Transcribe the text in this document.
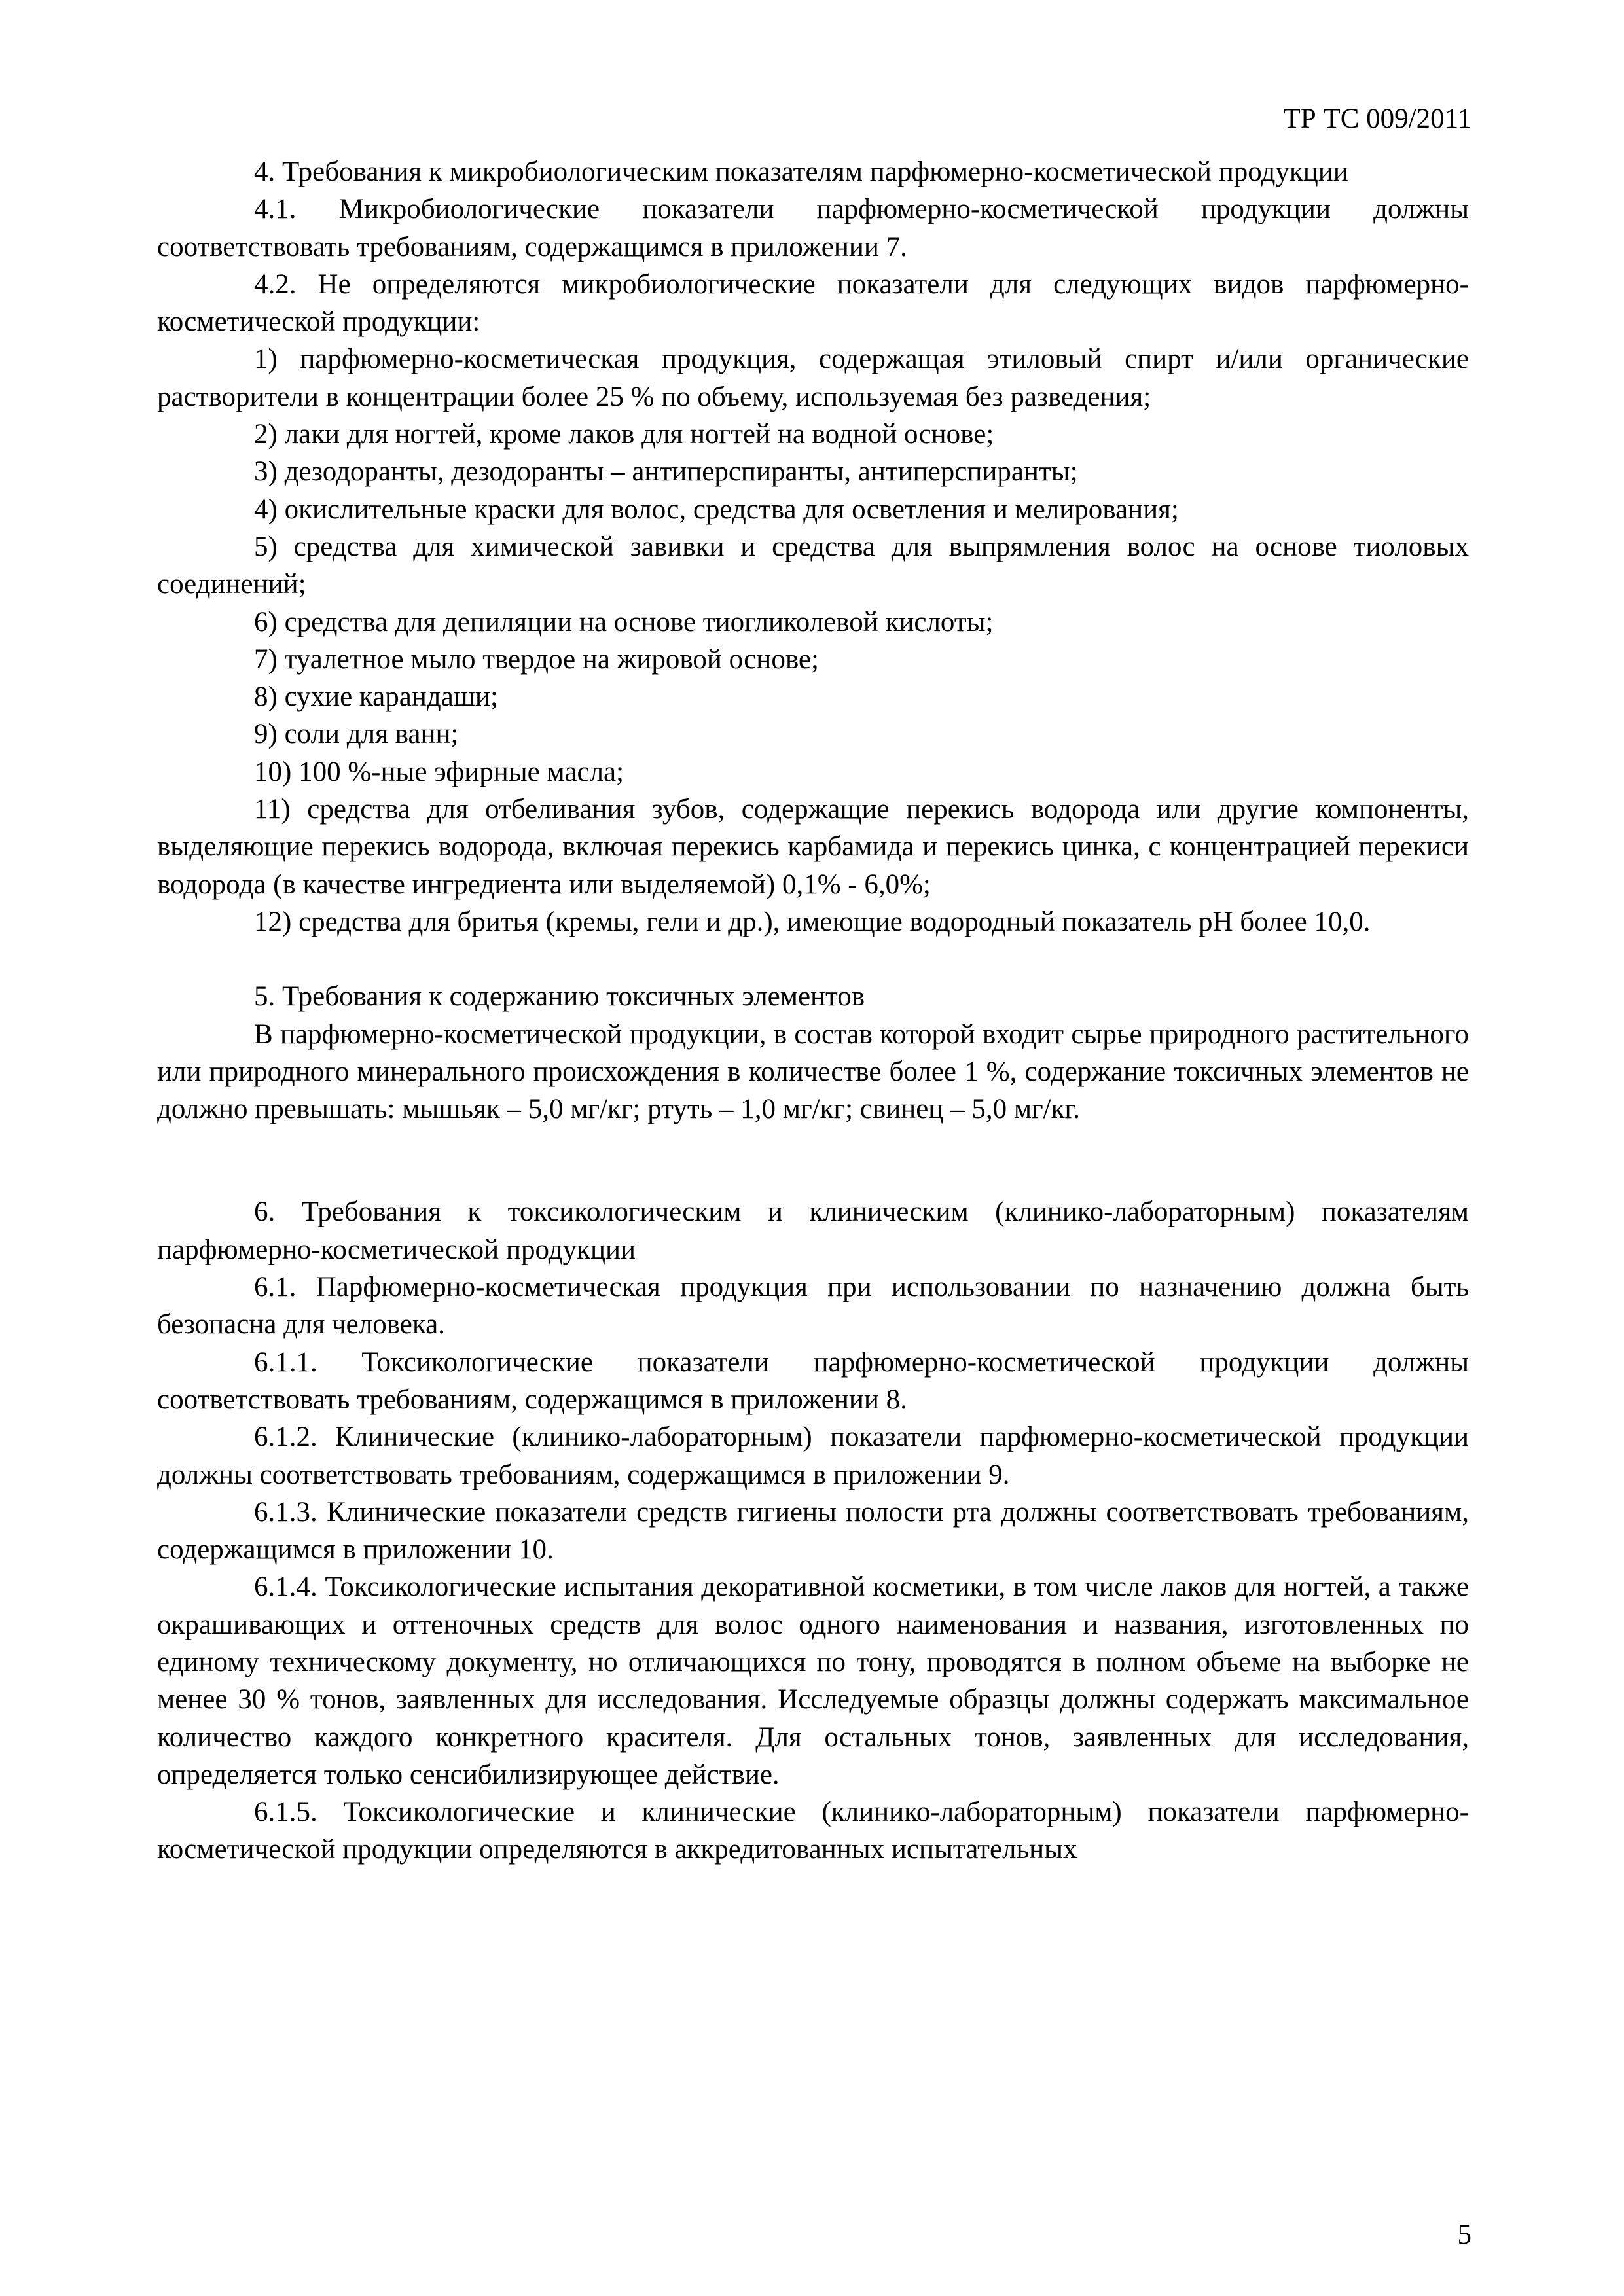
ТР ТС 009/2011

4. Требования к микробиологическим показателям парфюмерно-косметической продукции

4.1. Микробиологические показатели парфюмерно-косметической продукции должны соответствовать требованиям, содержащимся в приложении 7.

4.2. Не определяются микробиологические показатели для следующих видов парфюмерно-косметической продукции:

1) парфюмерно-косметическая продукция, содержащая этиловый спирт и/или органические растворители в концентрации более 25 % по объему, используемая без разведения;

2) лаки для ногтей, кроме лаков для ногтей на водной основе;

3) дезодоранты, дезодоранты – антиперспиранты, антиперспиранты;

4) окислительные краски для волос, средства для осветления и мелирования;

5) средства для химической завивки и средства для выпрямления волос на основе тиоловых соединений;

6) средства для депиляции на основе тиогликолевой кислоты;

7) туалетное мыло твердое на жировой основе;

8) сухие карандаши;

9) соли для ванн;

10) 100 %-ные эфирные масла;

11) средства для отбеливания зубов, содержащие перекись водорода или другие компоненты, выделяющие перекись водорода, включая перекись карбамида и перекись цинка, с концентрацией перекиси водорода (в качестве ингредиента или выделяемой) 0,1% - 6,0%;

12) средства для бритья (кремы, гели и др.), имеющие водородный показатель pH более 10,0.

5. Требования к содержанию токсичных элементов

В парфюмерно-косметической продукции, в состав которой входит сырье природного растительного или природного минерального происхождения в количестве более 1 %, содержание токсичных элементов не должно превышать: мышьяк – 5,0 мг/кг; ртуть – 1,0 мг/кг; свинец – 5,0 мг/кг.

6. Требования к токсикологическим и клиническим (клинико-лабораторным) показателям парфюмерно-косметической продукции

6.1. Парфюмерно-косметическая продукция при использовании по назначению должна быть безопасна для человека.

6.1.1. Токсикологические показатели парфюмерно-косметической продукции должны соответствовать требованиям, содержащимся в приложении 8.

6.1.2. Клинические (клинико-лабораторным) показатели парфюмерно-косметической продукции должны соответствовать требованиям, содержащимся в приложении 9.

6.1.3. Клинические показатели средств гигиены полости рта должны соответствовать требованиям, содержащимся в приложении 10.

6.1.4. Токсикологические испытания декоративной косметики, в том числе лаков для ногтей, а также окрашивающих и оттеночных средств для волос одного наименования и названия, изготовленных по единому техническому документу, но отличающихся по тону, проводятся в полном объеме на выборке не менее 30 % тонов, заявленных для исследования. Исследуемые образцы должны содержать максимальное количество каждого конкретного красителя. Для остальных тонов, заявленных для исследования, определяется только сенсибилизирующее действие.

6.1.5. Токсикологические и клинические (клинико-лабораторным) показатели парфюмерно-косметической продукции определяются в аккредитованных испытательных

5
